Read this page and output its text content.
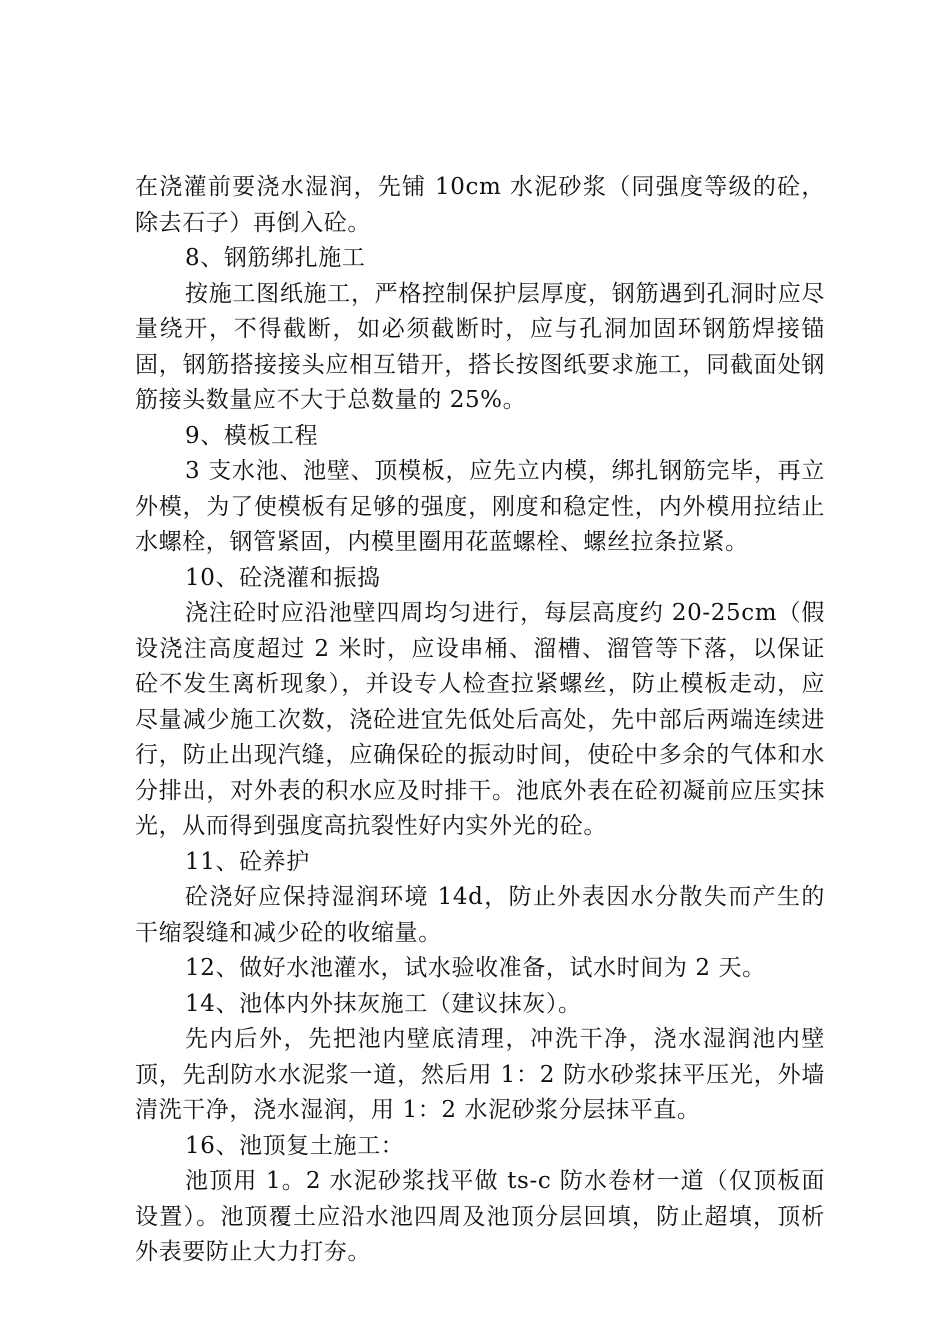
在浇灌前要浇水湿润，先铺 10cm 水泥砂浆（同强度等级的砼，除去石子）再倒入砼。

8、钢筋绑扎施工

按施工图纸施工，严格控制保护层厚度，钢筋遇到孔洞时应尽量绕开，不得截断，如必须截断时，应与孔洞加固环钢筋焊接锚固，钢筋搭接接头应相互错开，搭长按图纸要求施工，同截面处钢筋接头数量应不大于总数量的 25%。

9、模板工程

3 支水池、池壁、顶模板，应先立内模，绑扎钢筋完毕，再立外模，为了使模板有足够的强度，刚度和稳定性，内外模用拉结止水螺栓，钢管紧固，内模里圈用花蓝螺栓、螺丝拉条拉紧。

10、砼浇灌和振捣

浇注砼时应沿池壁四周均匀进行，每层高度约 20-25cm（假设浇注高度超过 2 米时，应设串桶、溜槽、溜管等下落，以保证砼不发生离析现象），并设专人检查拉紧螺丝，防止模板走动，应尽量减少施工次数，浇砼进宜先低处后高处，先中部后两端连续进行，防止出现汽缝，应确保砼的振动时间，使砼中多余的气体和水分排出，对外表的积水应及时排干。池底外表在砼初凝前应压实抹光，从而得到强度高抗裂性好内实外光的砼。

11、砼养护

砼浇好应保持湿润环境 14d，防止外表因水分散失而产生的干缩裂缝和减少砼的收缩量。

12、做好水池灌水，试水验收准备，试水时间为 2 天。

14、池体内外抹灰施工（建议抹灰）。

先内后外，先把池内壁底清理，冲洗干净，浇水湿润池内壁顶，先刮防水水泥浆一道，然后用 1：2 防水砂浆抹平压光，外墙清洗干净，浇水湿润，用 1：2 水泥砂浆分层抹平直。

16、池顶复土施工：

池顶用 1。2 水泥砂浆找平做 ts-c 防水卷材一道（仅顶板面设置）。池顶覆土应沿水池四周及池顶分层回填，防止超填，顶析外表要防止大力打夯。
